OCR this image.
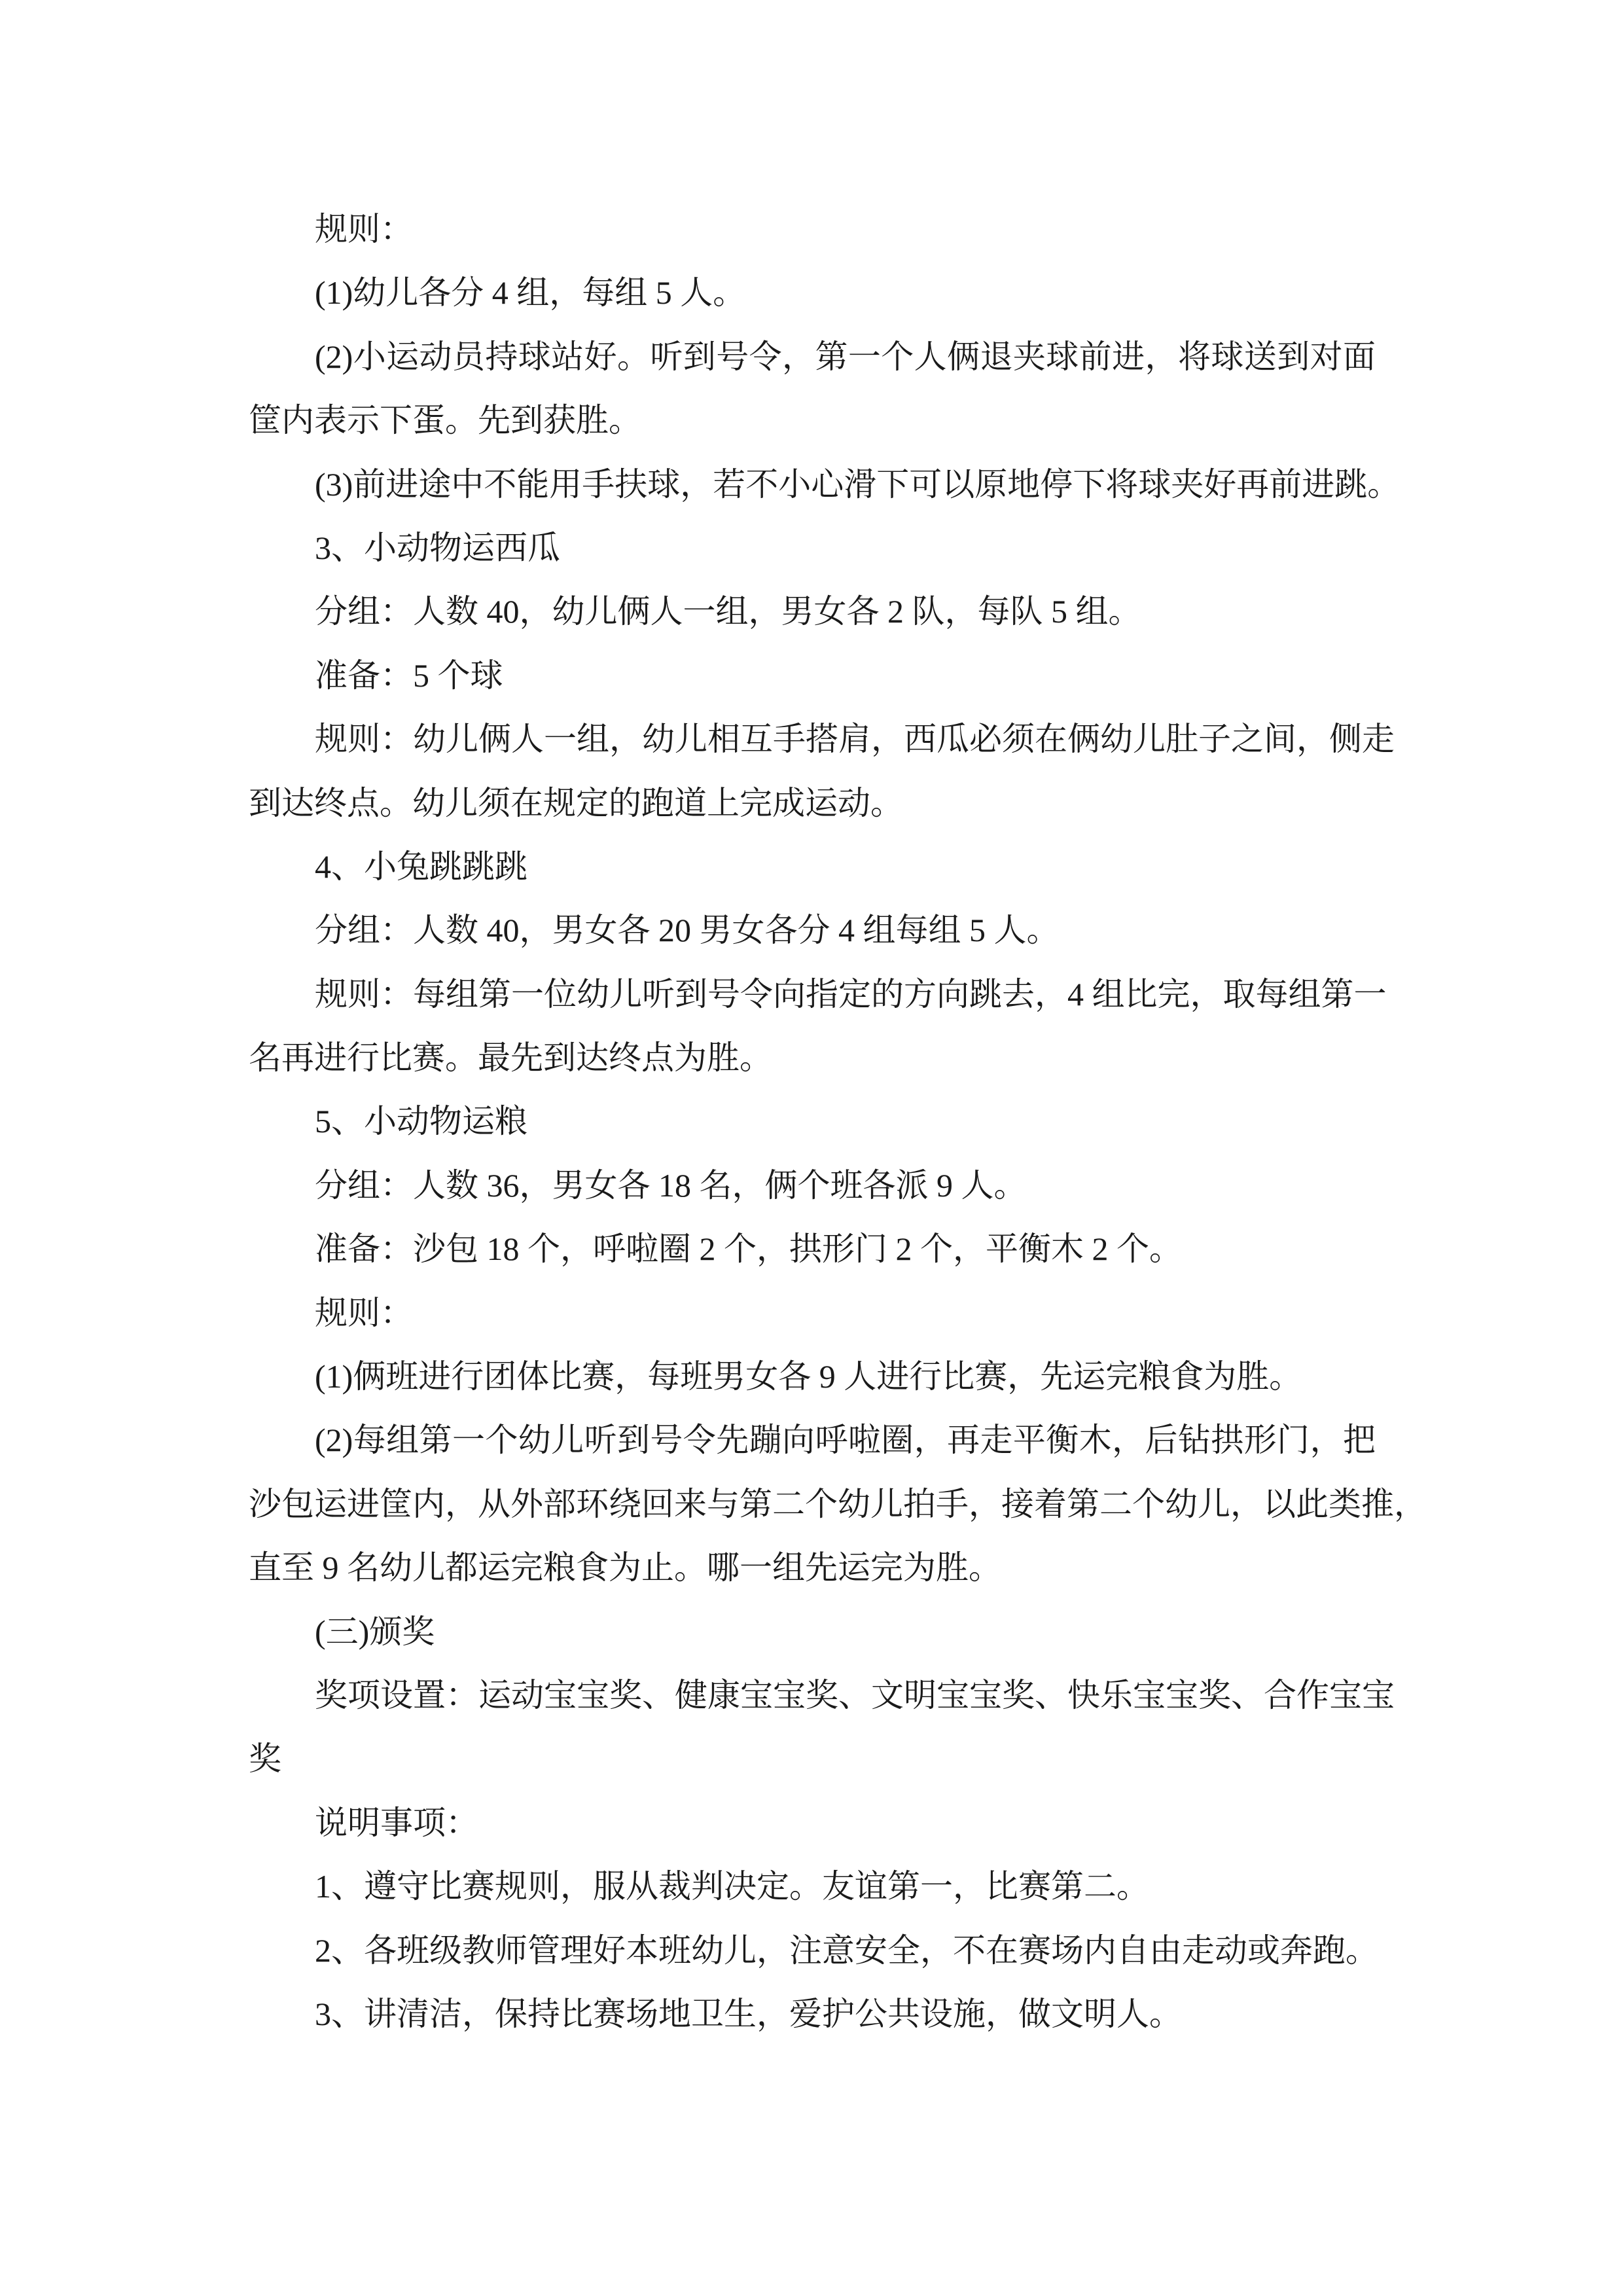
规则：
(1)幼儿各分 4 组，每组 5 人。
(2)小运动员持球站好。听到号令，第一个人俩退夹球前进，将球送到对面
筐内表示下蛋。先到获胜。
(3)前进途中不能用手扶球，若不小心滑下可以原地停下将球夹好再前进跳。
3、小动物运西瓜
分组：人数 40，幼儿俩人一组，男女各 2 队，每队 5 组。
准备：5 个球
规则：幼儿俩人一组，幼儿相互手搭肩，西瓜必须在俩幼儿肚子之间，侧走
到达终点。幼儿须在规定的跑道上完成运动。
4、小兔跳跳跳
分组：人数 40，男女各 20 男女各分 4 组每组 5 人。
规则：每组第一位幼儿听到号令向指定的方向跳去，4 组比完，取每组第一
名再进行比赛。最先到达终点为胜。
5、小动物运粮
分组：人数 36，男女各 18 名，俩个班各派 9 人。
准备：沙包 18 个，呼啦圈 2 个，拱形门 2 个，平衡木 2 个。
规则：
(1)俩班进行团体比赛，每班男女各 9 人进行比赛，先运完粮食为胜。
(2)每组第一个幼儿听到号令先蹦向呼啦圈，再走平衡木，后钻拱形门，把
沙包运进筐内，从外部环绕回来与第二个幼儿拍手，接着第二个幼儿，以此类推，
直至 9 名幼儿都运完粮食为止。哪一组先运完为胜。
(三)颁奖
奖项设置：运动宝宝奖、健康宝宝奖、文明宝宝奖、快乐宝宝奖、合作宝宝
奖
说明事项：
1、遵守比赛规则，服从裁判决定。友谊第一，比赛第二。
2、各班级教师管理好本班幼儿，注意安全，不在赛场内自由走动或奔跑。
3、讲清洁，保持比赛场地卫生，爱护公共设施，做文明人。
